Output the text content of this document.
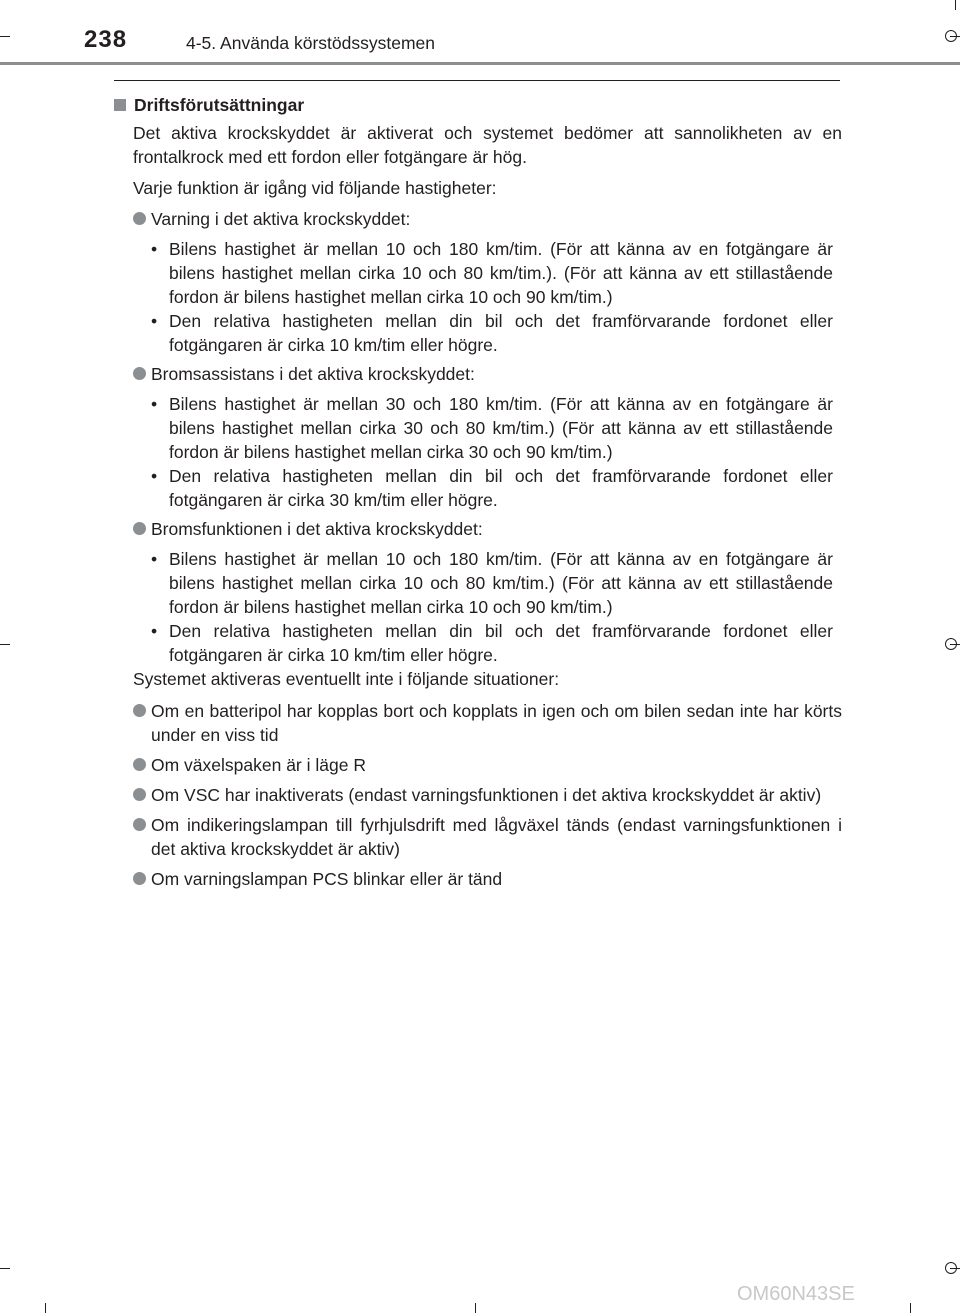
238	4-5. Använda körstödssystemen
Driftsförutsättningar
Det aktiva krockskyddet är aktiverat och systemet bedömer att sannolikheten av en frontalkrock med ett fordon eller fotgängare är hög.
Varje funktion är igång vid följande hastigheter:
Varning i det aktiva krockskyddet:
• Bilens hastighet är mellan 10 och 180 km/tim. (För att känna av en fotgängare är bilens hastighet mellan cirka 10 och 80 km/tim.). (För att känna av ett stillastående fordon är bilens hastighet mellan cirka 10 och 90 km/tim.)
• Den relativa hastigheten mellan din bil och det framförvarande fordonet eller fotgängaren är cirka 10 km/tim eller högre.
Bromsassistans i det aktiva krockskyddet:
• Bilens hastighet är mellan 30 och 180 km/tim. (För att känna av en fotgängare är bilens hastighet mellan cirka 30 och 80 km/tim.) (För att känna av ett stillastående fordon är bilens hastighet mellan cirka 30 och 90 km/tim.)
• Den relativa hastigheten mellan din bil och det framförvarande fordonet eller fotgängaren är cirka 30 km/tim eller högre.
Bromsfunktionen i det aktiva krockskyddet:
• Bilens hastighet är mellan 10 och 180 km/tim. (För att känna av en fotgängare är bilens hastighet mellan cirka 10 och 80 km/tim.) (För att känna av ett stillastående fordon är bilens hastighet mellan cirka 10 och 90 km/tim.)
• Den relativa hastigheten mellan din bil och det framförvarande fordonet eller fotgängaren är cirka 10 km/tim eller högre.
Systemet aktiveras eventuellt inte i följande situationer:
Om en batteripol har kopplas bort och kopplats in igen och om bilen sedan inte har körts under en viss tid
Om växelspaken är i läge R
Om VSC har inaktiverats (endast varningsfunktionen i det aktiva krockskyddet är aktiv)
Om indikeringslampan till fyrhjulsdrift med lågväxel tänds (endast varningsfunktionen i det aktiva krockskyddet är aktiv)
Om varningslampan PCS blinkar eller är tänd
OM60N43SE
